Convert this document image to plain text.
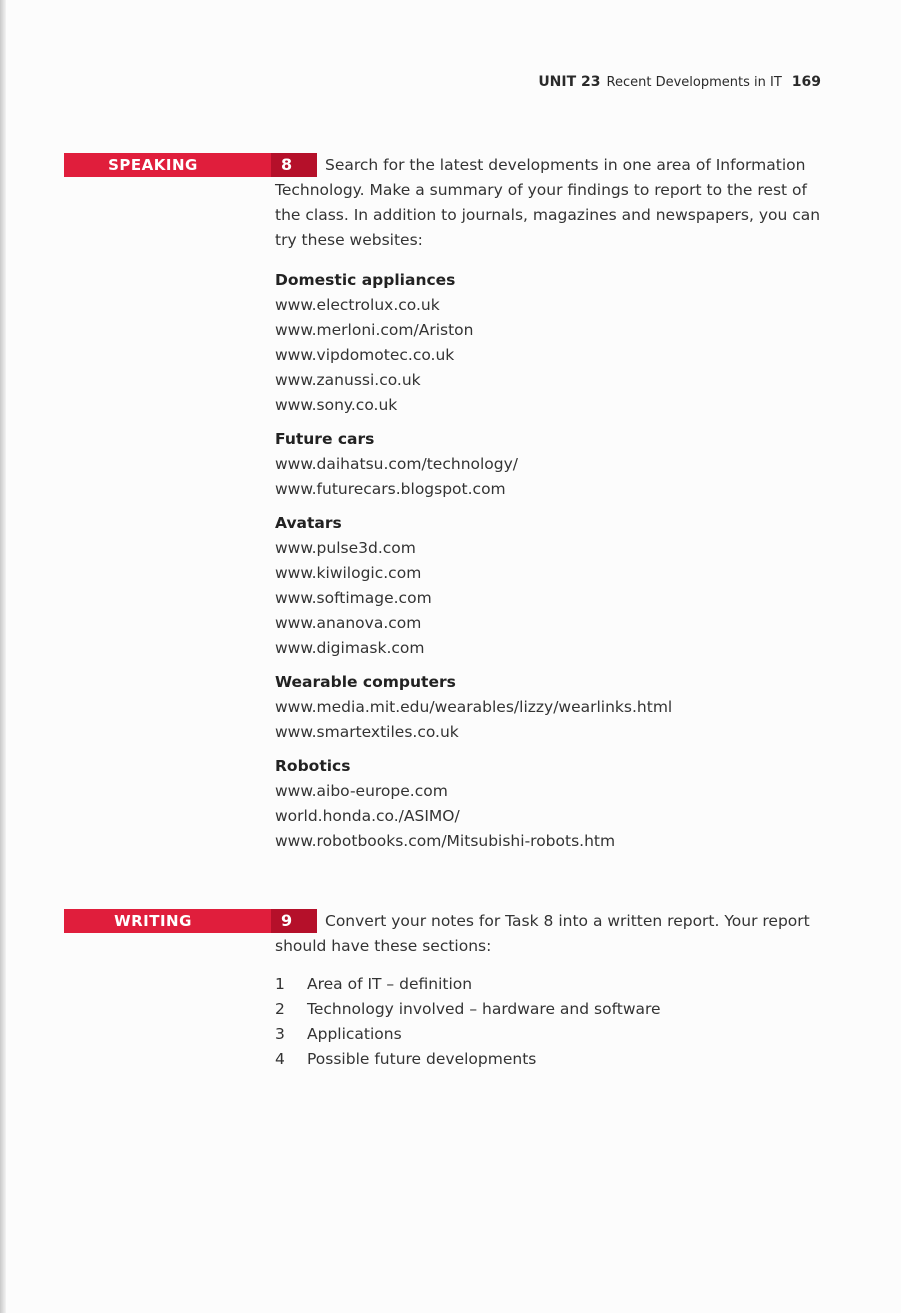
UNIT 23 Recent Developments in IT 169
SPEAKING	8	Search for the latest developments in one area of Information Technology. Make a summary of your findings to report to the rest of the class. In addition to journals, magazines and newspapers, you can try these websites:
Domestic appliances
www.electrolux.co.uk
www.merloni.com/Ariston
www.vipdomotec.co.uk
www.zanussi.co.uk
www.sony.co.uk
Future cars
www.daihatsu.com/technology/
www.futurecars.blogspot.com
Avatars
www.pulse3d.com
www.kiwilogic.com
www.softimage.com
www.ananova.com
www.digimask.com
Wearable computers
www.media.mit.edu/wearables/lizzy/wearlinks.html
www.smartextiles.co.uk
Robotics
www.aibo-europe.com
world.honda.co./ASIMO/
www.robotbooks.com/Mitsubishi-robots.htm
WRITING	9	Convert your notes for Task 8 into a written report. Your report should have these sections:
1	Area of IT – definition
2	Technology involved – hardware and software
3	Applications
4	Possible future developments
